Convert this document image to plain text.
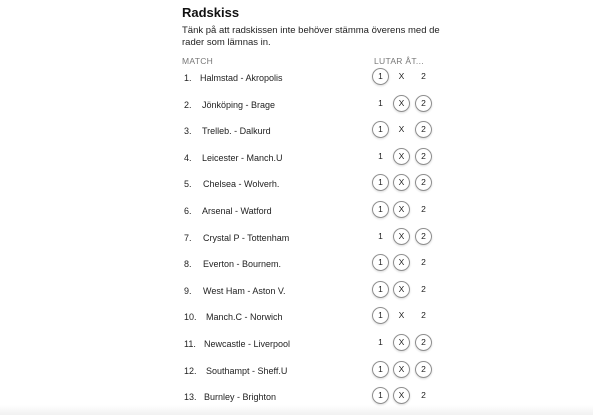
Radskiss
Tänk på att radskissen inte behöver stämma överens med de rader som lämnas in.
MATCH	LUTAR ÅT...
1. Halmstad - Akropolis	1	X	2
2. Jönköping - Brage	1	X	2
3. Trelleb. - Dalkurd	1	X	2
4. Leicester - Manch.U	1	X	2
5. Chelsea - Wolverh.	1	X	2
6. Arsenal - Watford	1	X	2
7. Crystal P - Tottenham	1	X	2
8. Everton - Bournem.	1	X	2
9. West Ham - Aston V.	1	X	2
10. Manch.C - Norwich	1	X	2
11. Newcastle - Liverpool	1	X	2
12. Southampt - Sheff.U	1	X	2
13. Burnley - Brighton	1	X	2
